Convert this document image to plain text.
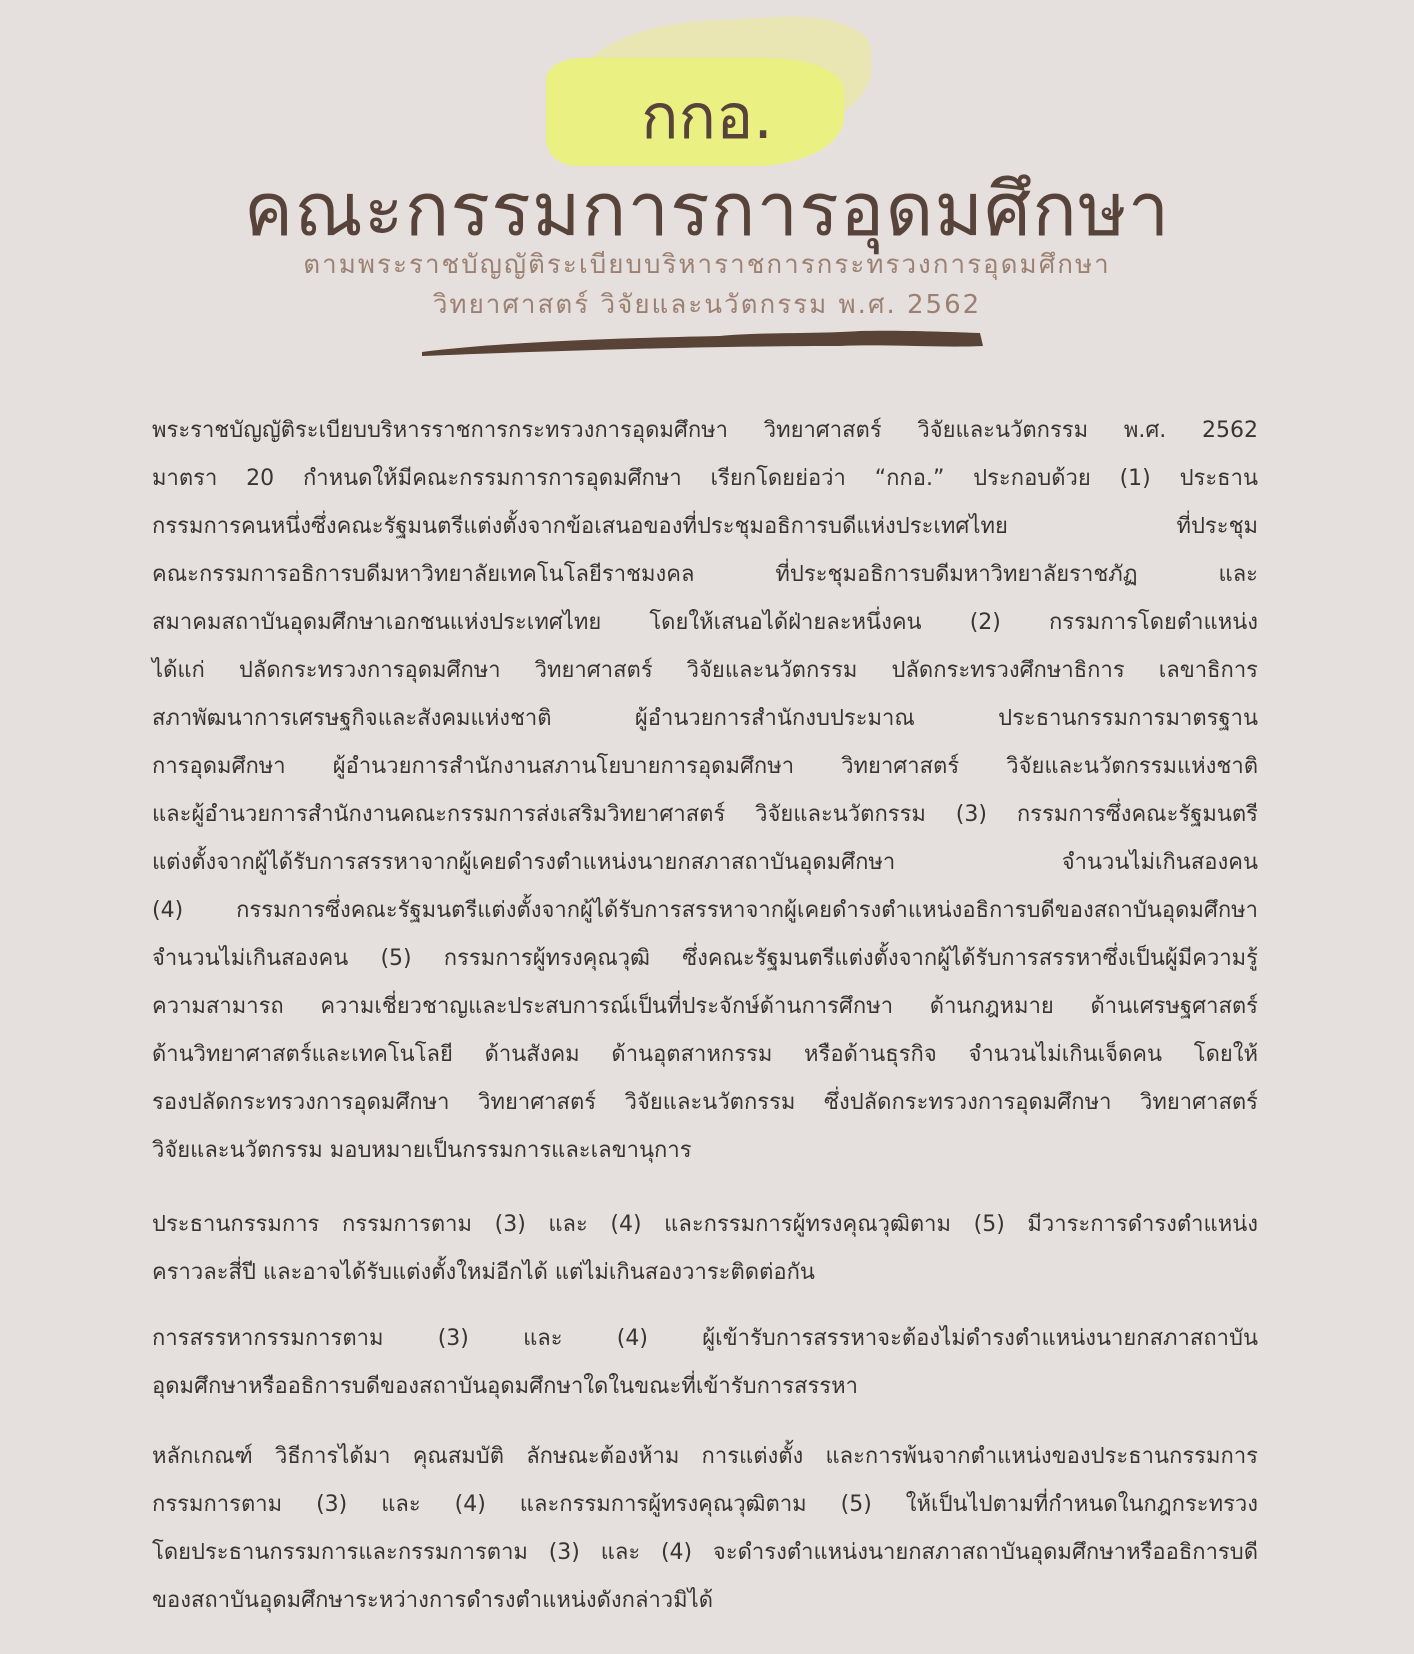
กกอ.
คณะกรรมการการอุดมศึกษา
ตามพระราชบัญญัติระเบียบบริหาราชการกระทรวงการอุดมศึกษา
วิทยาศาสตร์ วิจัยและนวัตกรรม พ.ศ. 2562
พระราชบัญญัติระเบียบบริหารราชการกระทรวงการอุดมศึกษา วิทยาศาสตร์ วิจัยและนวัตกรรม พ.ศ. 2562
มาตรา 20 กำหนดให้มีคณะกรรมการการอุดมศึกษา เรียกโดยย่อว่า “กกอ.” ประกอบด้วย (1) ประธาน
กรรมการคนหนึ่งซึ่งคณะรัฐมนตรีแต่งตั้งจากข้อเสนอของที่ประชุมอธิการบดีแห่งประเทศไทย ที่ประชุม
คณะกรรมการอธิการบดีมหาวิทยาลัยเทคโนโลยีราชมงคล ที่ประชุมอธิการบดีมหาวิทยาลัยราชภัฏ และ
สมาคมสถาบันอุดมศึกษาเอกชนแห่งประเทศไทย โดยให้เสนอได้ฝ่ายละหนึ่งคน (2) กรรมการโดยตำแหน่ง
ได้แก่ ปลัดกระทรวงการอุดมศึกษา วิทยาศาสตร์ วิจัยและนวัตกรรม ปลัดกระทรวงศึกษาธิการ เลขาธิการ
สภาพัฒนาการเศรษฐกิจและสังคมแห่งชาติ ผู้อำนวยการสำนักงบประมาณ ประธานกรรมการมาตรฐาน
การอุดมศึกษา ผู้อำนวยการสำนักงานสภานโยบายการอุดมศึกษา วิทยาศาสตร์ วิจัยและนวัตกรรมแห่งชาติ
และผู้อำนวยการสำนักงานคณะกรรมการส่งเสริมวิทยาศาสตร์ วิจัยและนวัตกรรม (3) กรรมการซึ่งคณะรัฐมนตรี
แต่งตั้งจากผู้ได้รับการสรรหาจากผู้เคยดำรงตำแหน่งนายกสภาสถาบันอุดมศึกษา จำนวนไม่เกินสองคน
(4) กรรมการซึ่งคณะรัฐมนตรีแต่งตั้งจากผู้ได้รับการสรรหาจากผู้เคยดำรงตำแหน่งอธิการบดีของสถาบันอุดมศึกษา
จำนวนไม่เกินสองคน (5) กรรมการผู้ทรงคุณวุฒิ ซึ่งคณะรัฐมนตรีแต่งตั้งจากผู้ได้รับการสรรหาซึ่งเป็นผู้มีความรู้
ความสามารถ ความเชี่ยวชาญและประสบการณ์เป็นที่ประจักษ์ด้านการศึกษา ด้านกฎหมาย ด้านเศรษฐศาสตร์
ด้านวิทยาศาสตร์และเทคโนโลยี ด้านสังคม ด้านอุตสาหกรรม หรือด้านธุรกิจ จำนวนไม่เกินเจ็ดคน โดยให้
รองปลัดกระทรวงการอุดมศึกษา วิทยาศาสตร์ วิจัยและนวัตกรรม ซึ่งปลัดกระทรวงการอุดมศึกษา วิทยาศาสตร์
วิจัยและนวัตกรรม มอบหมายเป็นกรรมการและเลขานุการ
ประธานกรรมการ กรรมการตาม (3) และ (4) และกรรมการผู้ทรงคุณวุฒิตาม (5) มีวาระการดำรงตำแหน่ง
คราวละสี่ปี และอาจได้รับแต่งตั้งใหม่อีกได้ แต่ไม่เกินสองวาระติดต่อกัน
การสรรหากรรมการตาม (3) และ (4) ผู้เข้ารับการสรรหาจะต้องไม่ดำรงตำแหน่งนายกสภาสถาบัน
อุดมศึกษาหรืออธิการบดีของสถาบันอุดมศึกษาใดในขณะที่เข้ารับการสรรหา
หลักเกณฑ์ วิธีการได้มา คุณสมบัติ ลักษณะต้องห้าม การแต่งตั้ง และการพ้นจากตำแหน่งของประธานกรรมการ
กรรมการตาม (3) และ (4) และกรรมการผู้ทรงคุณวุฒิตาม (5) ให้เป็นไปตามที่กำหนดในกฎกระทรวง
โดยประธานกรรมการและกรรมการตาม (3) และ (4) จะดำรงตำแหน่งนายกสภาสถาบันอุดมศึกษาหรืออธิการบดี
ของสถาบันอุดมศึกษาระหว่างการดำรงตำแหน่งดังกล่าวมิได้
